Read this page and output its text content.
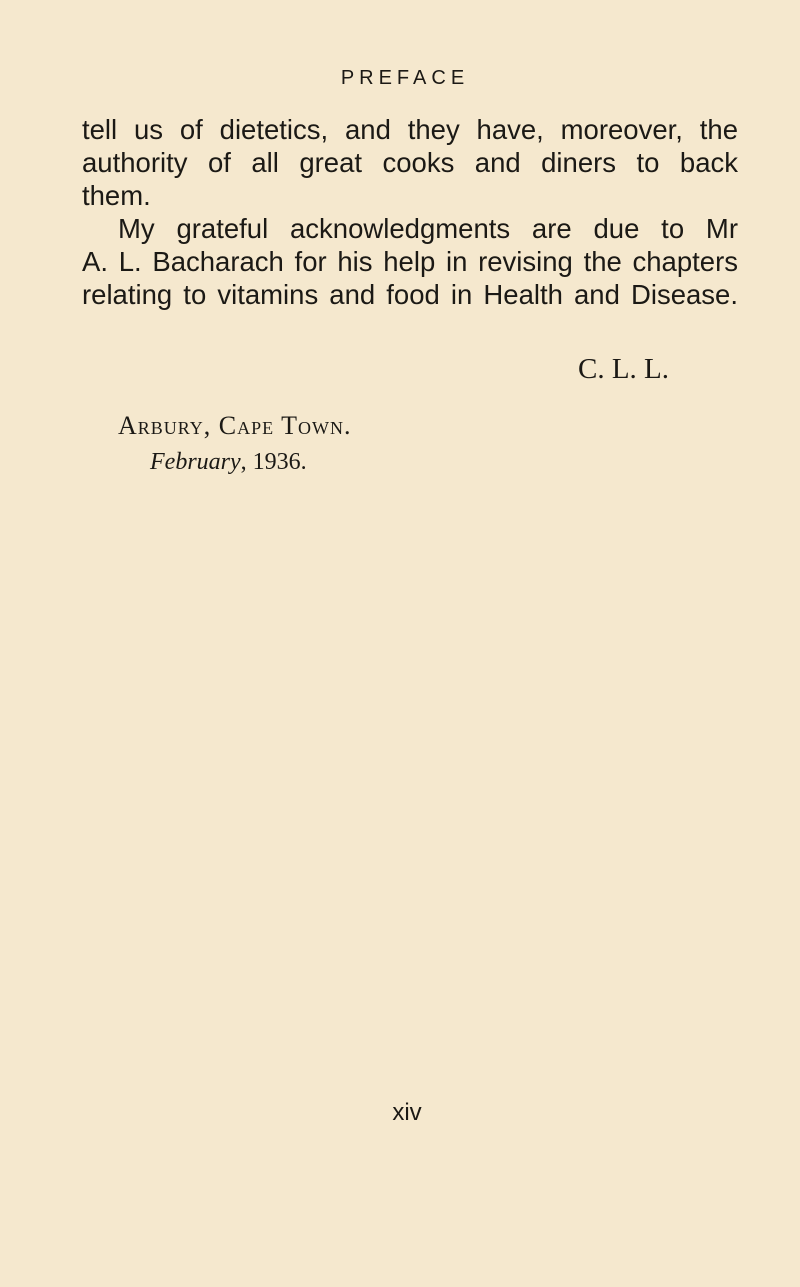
PREFACE
tell us of dietetics, and they have, moreover, the
authority of all great cooks and diners to back
them.
My grateful acknowledgments are due to Mr
A. L. Bacharach for his help in revising the chapters
relating to vitamins and food in Health and Disease.
C. L. L.
Arbury, Cape Town.
February, 1936.
xiv
